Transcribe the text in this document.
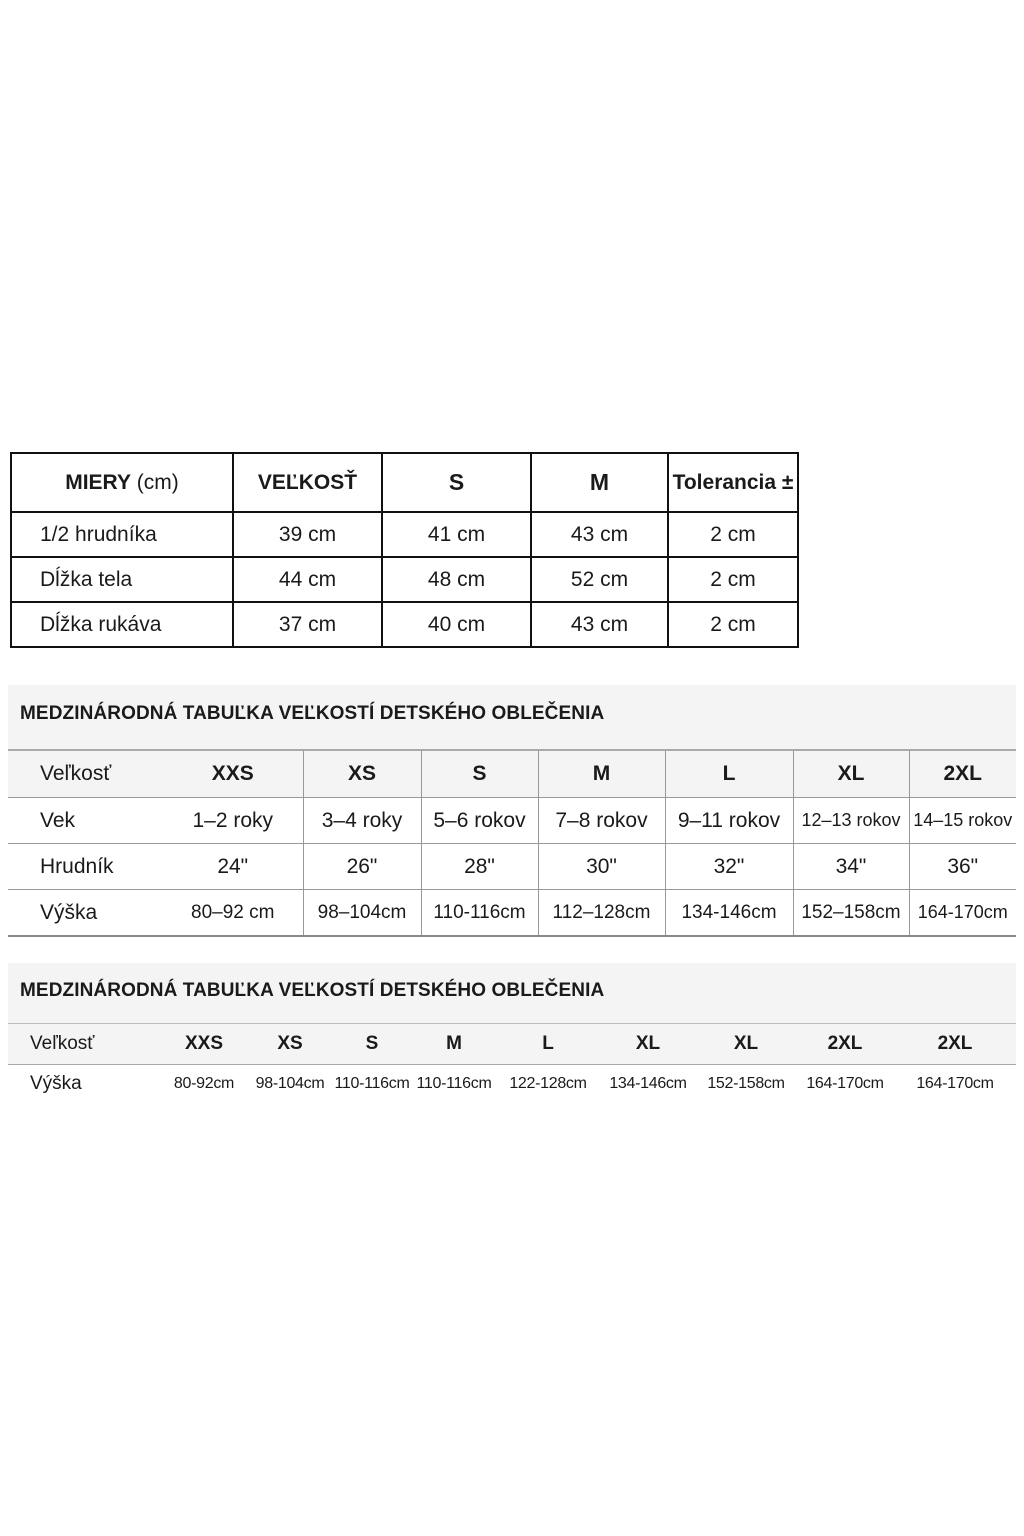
MIERY (cm)	VEĽKOSŤ	S	M	Tolerancia ±
1/2 hrudníka	39 cm	41 cm	43 cm	2 cm
Dĺžka tela	44 cm	48 cm	52 cm	2 cm
Dĺžka rukáva	37 cm	40 cm	43 cm	2 cm
MEDZINÁRODNÁ TABUĽKA VEĽKOSTÍ DETSKÉHO OBLEČENIA
Veľkosť	XXS	XS	S	M	L	XL	2XL
Vek	1–2 roky	3–4 roky	5–6 rokov	7–8 rokov	9–11 rokov	12–13 rokov	14–15 rokov
Hrudník	24"	26"	28"	30"	32"	34"	36"
Výška	80–92 cm	98–104cm	110-116cm	112–128cm	134-146cm	152–158cm	164-170cm
MEDZINÁRODNÁ TABUĽKA VEĽKOSTÍ DETSKÉHO OBLEČENIA
Veľkosť	XXS	XS	S	M	L	XL	XL	2XL	2XL
Výška	80-92cm	98-104cm	110-116cm	110-116cm	122-128cm	134-146cm	152-158cm	164-170cm	164-170cm
